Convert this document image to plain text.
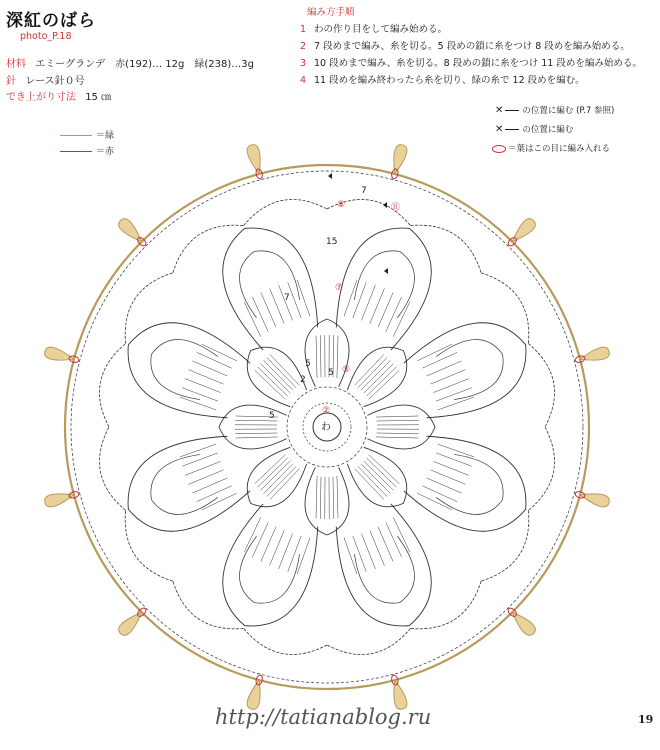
深紅のばら
photo_P.18
材料 エミーグランデ　赤(192)… 12g　緑(238)…3g
針 レース針０号
でき上がり寸法 15 ㎝
編み方手順
1 わの作り目をして編み始める。
2 7 段めまで編み、糸を切る。5 段めの鎖に糸をつけ 8 段めを編み始める。
3 10 段めまで編み、糸を切る。8 段めの鎖に糸をつけ 11 段めを編み始める。
4 11 段めを編み終わったら糸を切り、緑の糸で 12 段めを編む。
＝緑
＝赤
✕ の位置に編む (P.7 参照)
✕ の位置に編む
＝葉はこの目に編み入れる
わ
②
2
5
⑤
5
5
7
7
15
⑦
⑧	⑪
http://tatianablog.ru	19
